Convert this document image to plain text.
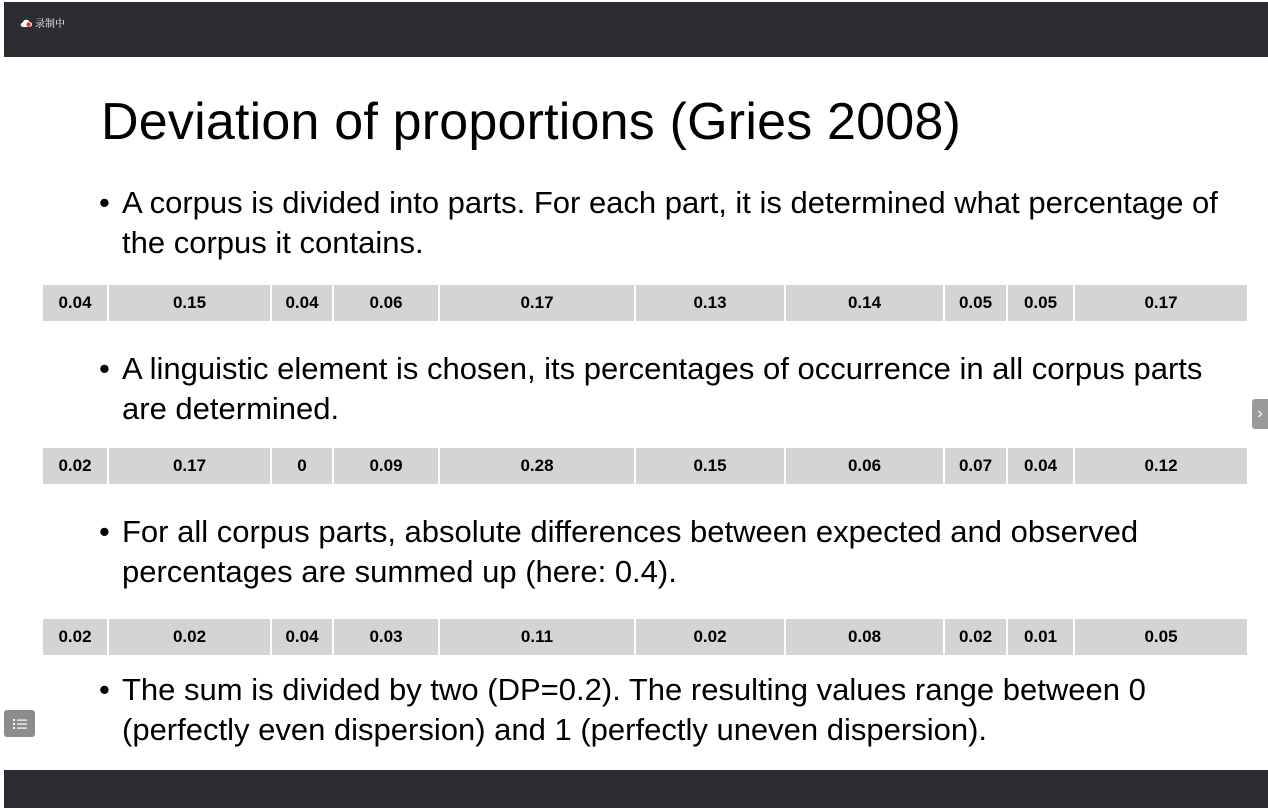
录制中
Deviation of proportions (Gries 2008)
• A corpus is divided into parts. For each part, it is determined what percentage of the corpus it contains.
0.04	0.15	0.04	0.06	0.17	0.13	0.14	0.05	0.05	0.17
• A linguistic element is chosen, its percentages of occurrence in all corpus parts are determined.
0.02	0.17	0	0.09	0.28	0.15	0.06	0.07	0.04	0.12
• For all corpus parts, absolute differences between expected and observed percentages are summed up (here: 0.4).
0.02	0.02	0.04	0.03	0.11	0.02	0.08	0.02	0.01	0.05
• The sum is divided by two (DP=0.2). The resulting values range between 0 (perfectly even dispersion) and 1 (perfectly uneven dispersion).
›
